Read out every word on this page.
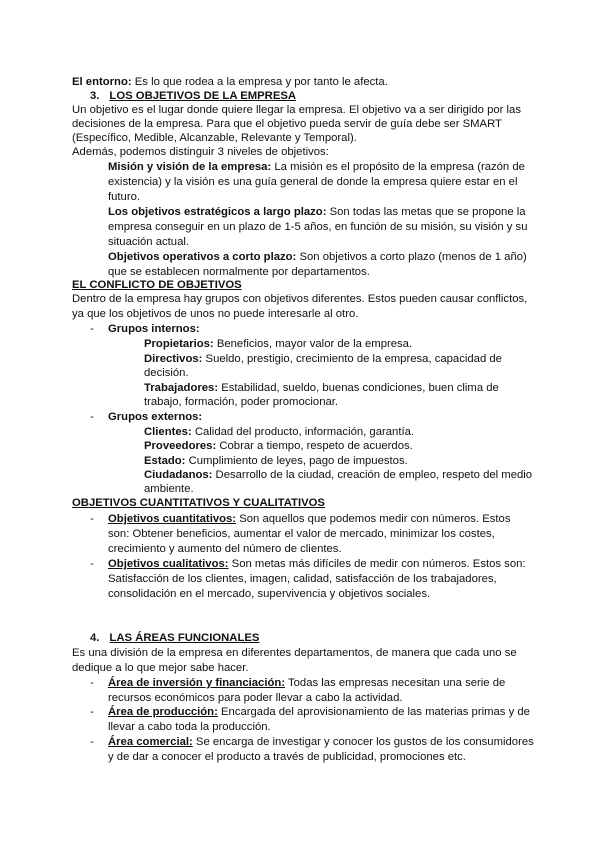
El entorno: Es lo que rodea a la empresa y por tanto le afecta.
3. LOS OBJETIVOS DE LA EMPRESA
Un objetivo es el lugar donde quiere llegar la empresa. El objetivo va a ser dirigido por las
decisiones de la empresa. Para que el objetivo pueda servir de guía debe ser SMART
(Específico, Medible, Alcanzable, Relevante y Temporal).
Además, podemos distinguir 3 niveles de objetivos:
Misión y visión de la empresa: La misión es el propósito de la empresa (razón de
existencia) y la visión es una guía general de donde la empresa quiere estar en el
futuro.
Los objetivos estratégicos a largo plazo: Son todas las metas que se propone la
empresa conseguir en un plazo de 1-5 años, en función de su misión, su visión y su
situación actual.
Objetivos operativos a corto plazo: Son objetivos a corto plazo (menos de 1 año)
que se establecen normalmente por departamentos.
EL CONFLICTO DE OBJETIVOS
Dentro de la empresa hay grupos con objetivos diferentes. Estos pueden causar conflictos,
ya que los objetivos de unos no puede interesarle al otro.
- Grupos internos:
Propietarios: Beneficios, mayor valor de la empresa.
Directivos: Sueldo, prestigio, crecimiento de la empresa, capacidad de
decisión.
Trabajadores: Estabilidad, sueldo, buenas condiciones, buen clima de
trabajo, formación, poder promocionar.
- Grupos externos:
Clientes: Calidad del producto, información, garantía.
Proveedores: Cobrar a tiempo, respeto de acuerdos.
Estado: Cumplimiento de leyes, pago de impuestos.
Ciudadanos: Desarrollo de la ciudad, creación de empleo, respeto del medio
ambiente.
OBJETIVOS CUANTITATIVOS Y CUALITATIVOS
- Objetivos cuantitativos: Son aquellos que podemos medir con números. Estos
son: Obtener beneficios, aumentar el valor de mercado, minimizar los costes,
crecimiento y aumento del número de clientes.
- Objetivos cualitativos: Son metas más difíciles de medir con números. Estos son:
Satisfacción de los clientes, imagen, calidad, satisfacción de los trabajadores,
consolidación en el mercado, supervivencia y objetivos sociales.
4. LAS ÁREAS FUNCIONALES
Es una división de la empresa en diferentes departamentos, de manera que cada uno se
dedique a lo que mejor sabe hacer.
- Área de inversión y financiación: Todas las empresas necesitan una serie de
recursos económicos para poder llevar a cabo la actividad.
- Área de producción: Encargada del aprovisionamiento de las materias primas y de
llevar a cabo toda la producción.
- Área comercial: Se encarga de investigar y conocer los gustos de los consumidores
y de dar a conocer el producto a través de publicidad, promociones etc.
